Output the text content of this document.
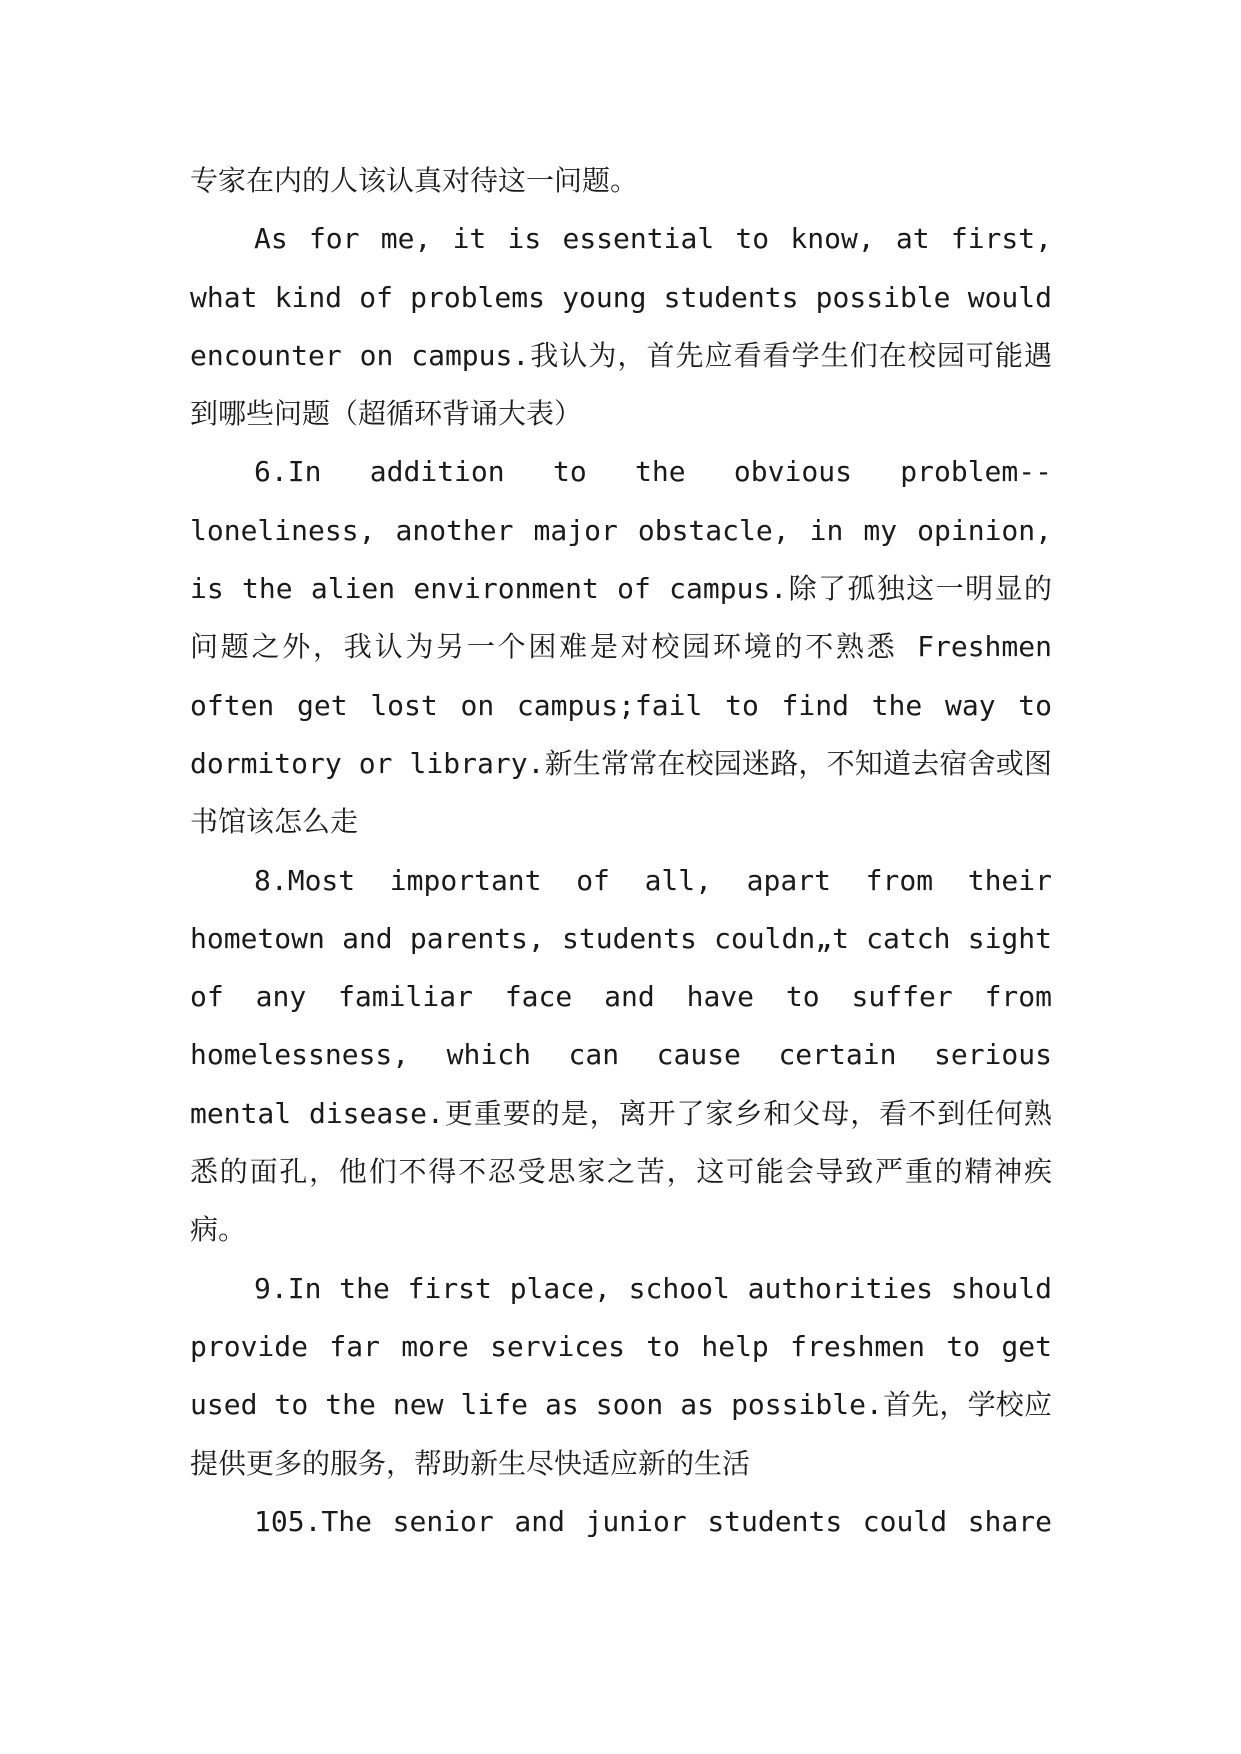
专家在内的人该认真对待这一问题。

As for me, it is essential to know, at first, what kind of problems young students possible would encounter on campus.我认为，首先应看看学生们在校园可能遇到哪些问题（超循环背诵大表）

6.In addition to the obvious problem--loneliness, another major obstacle, in my opinion, is the alien environment of campus.除了孤独这一明显的问题之外，我认为另一个困难是对校园环境的不熟悉 Freshmen often get lost on campus;fail to find the way to dormitory or library.新生常常在校园迷路，不知道去宿舍或图书馆该怎么走

8.Most important of all, apart from their hometown and parents, students couldn„t catch sight of any familiar face and have to suffer from homelessness, which can cause certain serious mental disease.更重要的是，离开了家乡和父母，看不到任何熟悉的面孔，他们不得不忍受思家之苦，这可能会导致严重的精神疾病。

9.In the first place, school authorities should provide far more services to help freshmen to get used to the new life as soon as possible.首先，学校应提供更多的服务，帮助新生尽快适应新的生活

105.The senior and junior students could share
